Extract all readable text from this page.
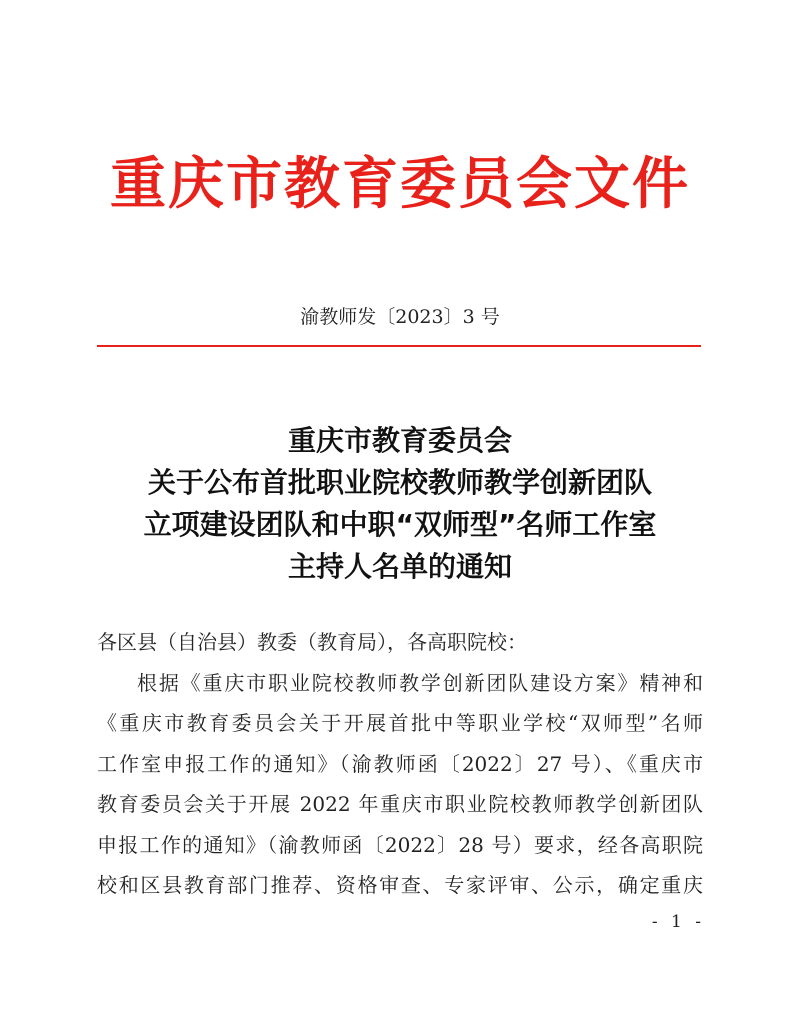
重庆市教育委员会文件
渝教师发〔2023〕3 号
重庆市教育委员会
关于公布首批职业院校教师教学创新团队
立项建设团队和中职“双师型”名师工作室
主持人名单的通知
各区县（自治县）教委（教育局），各高职院校：
根据《重庆市职业院校教师教学创新团队建设方案》精神和
《重庆市教育委员会关于开展首批中等职业学校“双师型”名师
工作室申报工作的通知》（渝教师函〔2022〕27 号）、《重庆市
教育委员会关于开展 2022 年重庆市职业院校教师教学创新团队
申报工作的通知》（渝教师函〔2022〕28 号）要求，经各高职院
校和区县教育部门推荐、资格审查、专家评审、公示，确定重庆
- 1 -
